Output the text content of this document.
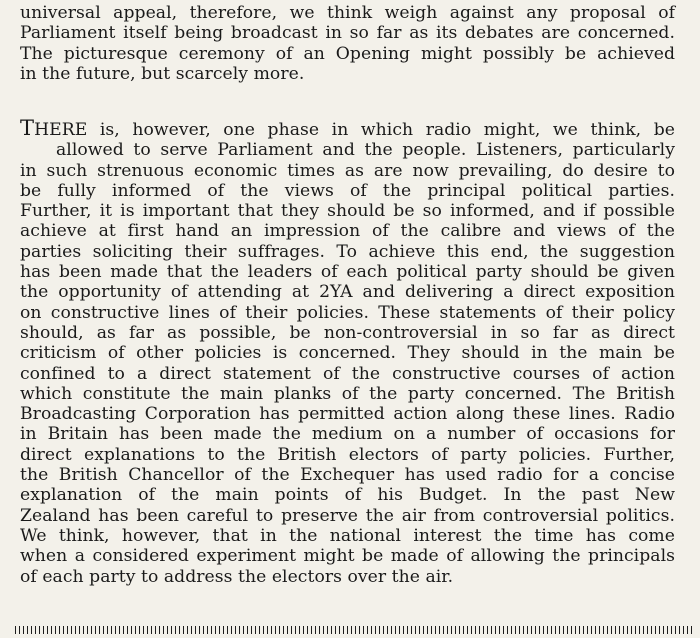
universal appeal, therefore, we think weigh against any proposal of
Parliament itself being broadcast in so far as its debates are concerned.
The picturesque ceremony of an Opening might possibly be achieved
in the future, but scarcely more.
THERE is, however, one phase in which radio might, we think, be
allowed to serve Parliament and the people. Listeners, particularly
in such strenuous economic times as are now prevailing, do desire to
be fully informed of the views of the principal political parties.
Further, it is important that they should be so informed, and if possible
achieve at first hand an impression of the calibre and views of the
parties soliciting their suffrages. To achieve this end, the suggestion
has been made that the leaders of each political party should be given
the opportunity of attending at 2YA and delivering a direct exposition
on constructive lines of their policies. These statements of their policy
should, as far as possible, be non-controversial in so far as direct
criticism of other policies is concerned. They should in the main be
confined to a direct statement of the constructive courses of action
which constitute the main planks of the party concerned. The British
Broadcasting Corporation has permitted action along these lines. Radio
in Britain has been made the medium on a number of occasions for
direct explanations to the British electors of party policies. Further,
the British Chancellor of the Exchequer has used radio for a concise
explanation of the main points of his Budget. In the past New
Zealand has been careful to preserve the air from controversial politics.
We think, however, that in the national interest the time has come
when a considered experiment might be made of allowing the principals
of each party to address the electors over the air.
